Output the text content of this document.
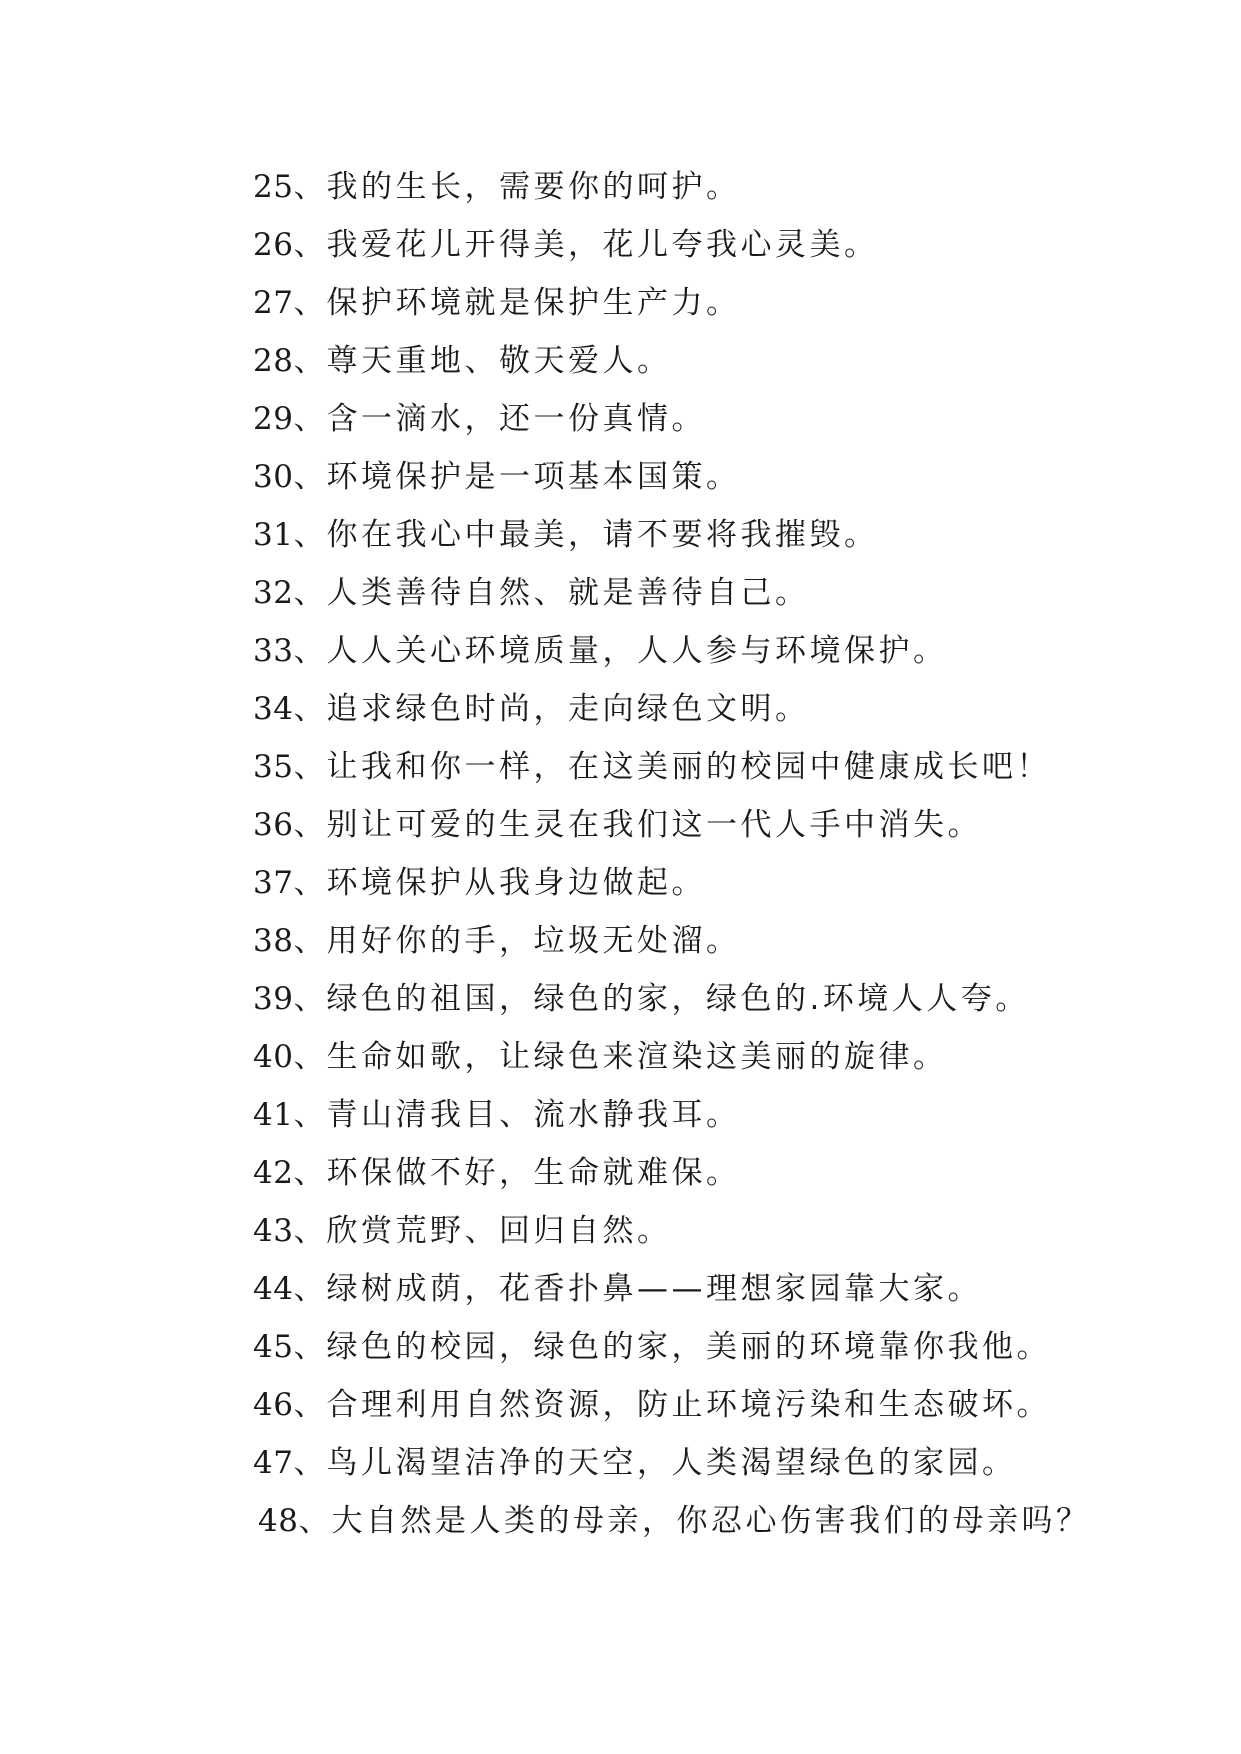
25、我的生长，需要你的呵护。
26、我爱花儿开得美，花儿夸我心灵美。
27、保护环境就是保护生产力。
28、尊天重地、敬天爱人。
29、含一滴水，还一份真情。
30、环境保护是一项基本国策。
31、你在我心中最美，请不要将我摧毁。
32、人类善待自然、就是善待自己。
33、人人关心环境质量，人人参与环境保护。
34、追求绿色时尚，走向绿色文明。
35、让我和你一样，在这美丽的校园中健康成长吧！
36、别让可爱的生灵在我们这一代人手中消失。
37、环境保护从我身边做起。
38、用好你的手，垃圾无处溜。
39、绿色的祖国，绿色的家，绿色的.环境人人夸。
40、生命如歌，让绿色来渲染这美丽的旋律。
41、青山清我目、流水静我耳。
42、环保做不好，生命就难保。
43、欣赏荒野、回归自然。
44、绿树成荫，花香扑鼻——理想家园靠大家。
45、绿色的校园，绿色的家，美丽的环境靠你我他。
46、合理利用自然资源，防止环境污染和生态破坏。
47、鸟儿渴望洁净的天空，人类渴望绿色的家园。
48、大自然是人类的母亲，你忍心伤害我们的母亲吗？
